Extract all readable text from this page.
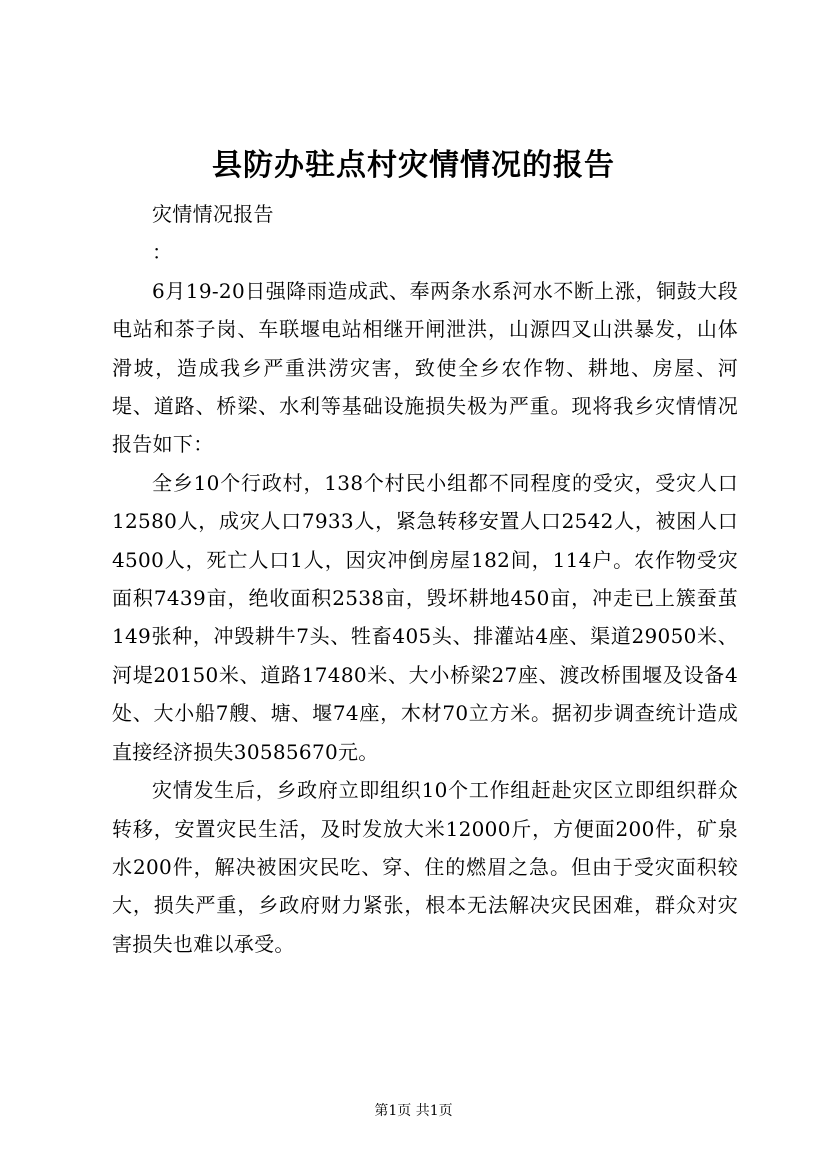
县防办驻点村灾情情况的报告

灾情情况报告

：

6月19-20日强降雨造成武、奉两条水系河水不断上涨，铜鼓大段电站和茶子岗、车联堰电站相继开闸泄洪，山源四叉山洪暴发，山体滑坡，造成我乡严重洪涝灾害，致使全乡农作物、耕地、房屋、河堤、道路、桥梁、水利等基础设施损失极为严重。现将我乡灾情情况报告如下：

全乡10个行政村，138个村民小组都不同程度的受灾，受灾人口12580人，成灾人口7933人，紧急转移安置人口2542人，被困人口4500人，死亡人口1人，因灾冲倒房屋182间，114户。农作物受灾面积7439亩，绝收面积2538亩，毁坏耕地450亩，冲走已上簇蚕茧149张种，冲毁耕牛7头、牲畜405头、排灌站4座、渠道29050米、河堤20150米、道路17480米、大小桥梁27座、渡改桥围堰及设备4处、大小船7艘、塘、堰74座，木材70立方米。据初步调查统计造成直接经济损失30585670元。

灾情发生后，乡政府立即组织10个工作组赶赴灾区立即组织群众转移，安置灾民生活，及时发放大米12000斤，方便面200件，矿泉水200件，解决被困灾民吃、穿、住的燃眉之急。但由于受灾面积较大，损失严重，乡政府财力紧张，根本无法解决灾民困难，群众对灾害损失也难以承受。

第1页 共1页
